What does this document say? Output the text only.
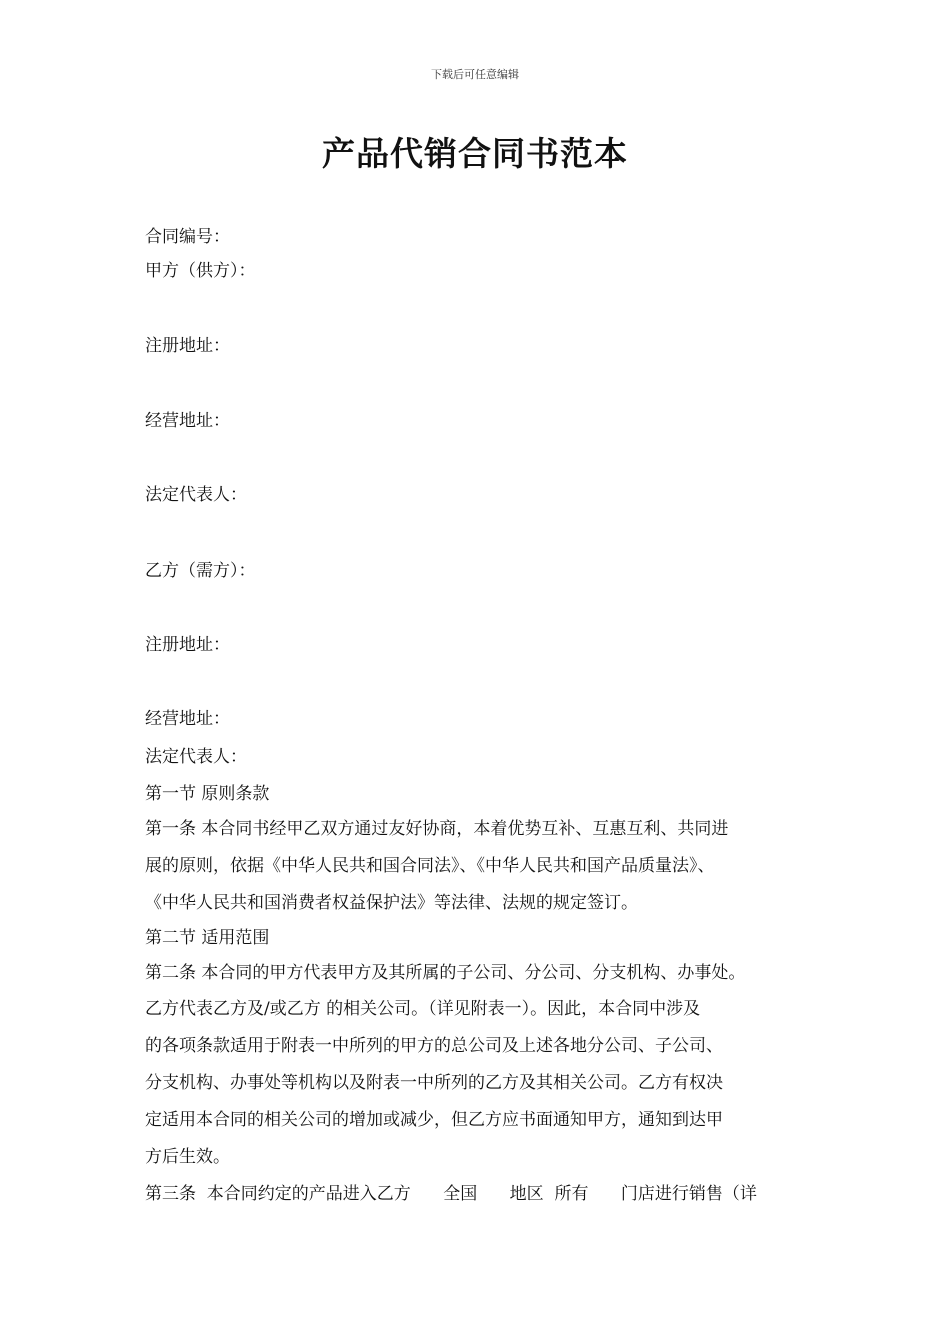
下载后可任意编辑
产品代销合同书范本
合同编号：
甲方（供方）：
注册地址：
经营地址：
法定代表人：
乙方（需方）：
注册地址：
经营地址：
法定代表人：
第一节 原则条款
第一条 本合同书经甲乙双方通过友好协商，本着优势互补、互惠互利、共同进
展的原则，依据《中华人民共和国合同法》、《中华人民共和国产品质量法》、
《中华人民共和国消费者权益保护法》等法律、法规的规定签订。
第二节 适用范围
第二条 本合同的甲方代表甲方及其所属的子公司、分公司、分支机构、办事处。
乙方代表乙方及/或乙方 的相关公司。（详见附表一）。因此，本合同中涉及
的各项条款适用于附表一中所列的甲方的总公司及上述各地分公司、子公司、
分支机构、办事处等机构以及附表一中所列的乙方及其相关公司。乙方有权决
定适用本合同的相关公司的增加或减少，但乙方应书面通知甲方，通知到达甲
方后生效。
第三条  本合同约定的产品进入乙方      全国      地区  所有      门店进行销售（详
